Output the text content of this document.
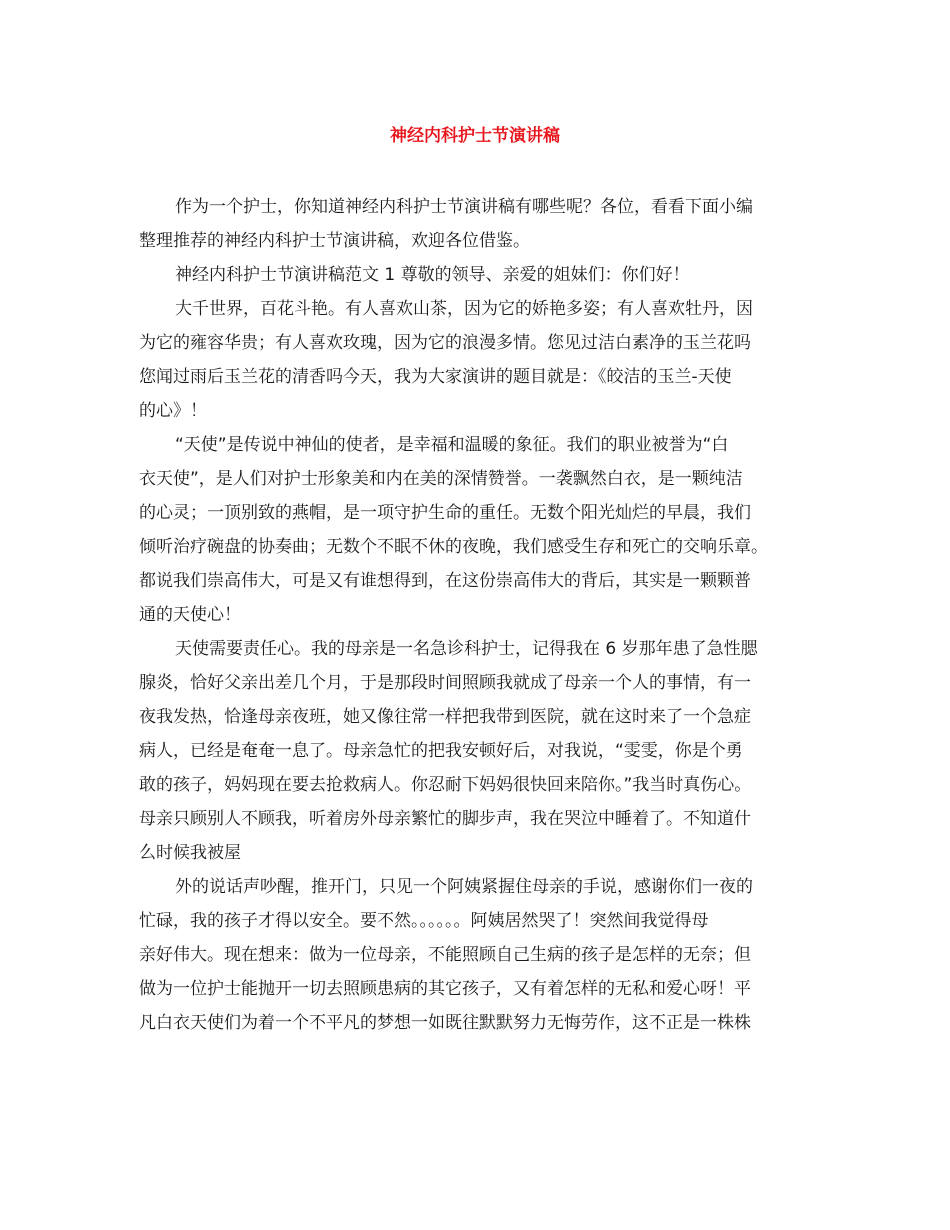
神经内科护士节演讲稿
作为一个护士，你知道神经内科护士节演讲稿有哪些呢？各位，看看下面小编
整理推荐的神经内科护士节演讲稿，欢迎各位借鉴。
神经内科护士节演讲稿范文 1 尊敬的领导、亲爱的姐妹们：你们好！
大千世界，百花斗艳。有人喜欢山茶，因为它的娇艳多姿；有人喜欢牡丹，因
为它的雍容华贵；有人喜欢玫瑰，因为它的浪漫多情。您见过洁白素净的玉兰花吗
您闻过雨后玉兰花的清香吗今天，我为大家演讲的题目就是：《皎洁的玉兰-天使
的心》！
“天使”是传说中神仙的使者，是幸福和温暖的象征。我们的职业被誉为“白
衣天使”，是人们对护士形象美和内在美的深情赞誉。一袭飘然白衣，是一颗纯洁
的心灵；一顶别致的燕帽，是一项守护生命的重任。无数个阳光灿烂的早晨，我们
倾听治疗碗盘的协奏曲；无数个不眠不休的夜晚，我们感受生存和死亡的交响乐章。
都说我们崇高伟大，可是又有谁想得到，在这份崇高伟大的背后，其实是一颗颗普
通的天使心！
天使需要责任心。我的母亲是一名急诊科护士，记得我在 6 岁那年患了急性腮
腺炎，恰好父亲出差几个月，于是那段时间照顾我就成了母亲一个人的事情，有一
夜我发热，恰逢母亲夜班，她又像往常一样把我带到医院，就在这时来了一个急症
病人，已经是奄奄一息了。母亲急忙的把我安顿好后，对我说，“雯雯，你是个勇
敢的孩子，妈妈现在要去抢救病人。你忍耐下妈妈很快回来陪你。”我当时真伤心。
母亲只顾别人不顾我，听着房外母亲繁忙的脚步声，我在哭泣中睡着了。不知道什
么时候我被屋
外的说话声吵醒，推开门，只见一个阿姨紧握住母亲的手说，感谢你们一夜的
忙碌，我的孩子才得以安全。要不然。。。。。。阿姨居然哭了！突然间我觉得母
亲好伟大。现在想来：做为一位母亲，不能照顾自己生病的孩子是怎样的无奈；但
做为一位护士能抛开一切去照顾患病的其它孩子，又有着怎样的无私和爱心呀！平
凡白衣天使们为着一个不平凡的梦想一如既往默默努力无悔劳作，这不正是一株株
